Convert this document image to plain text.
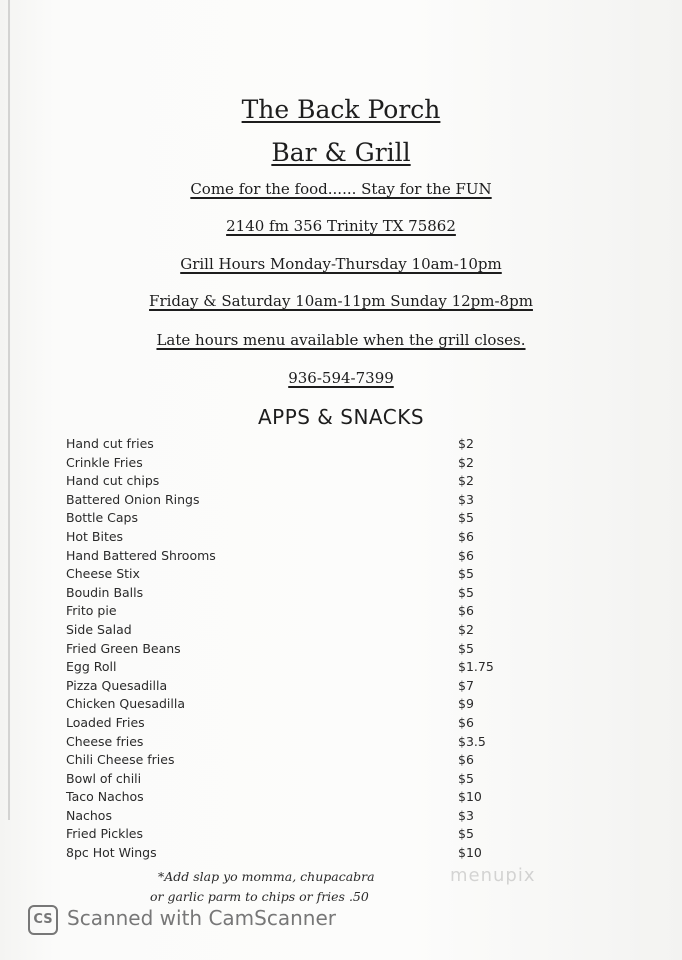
The Back Porch
Bar & Grill
Come for the food...... Stay for the FUN
2140 fm 356 Trinity TX 75862
Grill Hours Monday-Thursday 10am-10pm
Friday & Saturday 10am-11pm Sunday 12pm-8pm
Late hours menu available when the grill closes.
936-594-7399
APPS & SNACKS
Hand cut fries	$2
Crinkle Fries	$2
Hand cut chips	$2
Battered Onion Rings	$3
Bottle Caps	$5
Hot Bites	$6
Hand Battered Shrooms	$6
Cheese Stix	$5
Boudin Balls	$5
Frito pie	$6
Side Salad	$2
Fried Green Beans	$5
Egg Roll	$1.75
Pizza Quesadilla	$7
Chicken Quesadilla	$9
Loaded Fries	$6
Cheese fries	$3.5
Chili Cheese fries	$6
Bowl of chili	$5
Taco Nachos	$10
Nachos	$3
Fried Pickles	$5
8pc Hot Wings	$10
*Add slap yo momma, chupacabra
or garlic parm to chips or fries .50
menupix
CS Scanned with CamScanner
